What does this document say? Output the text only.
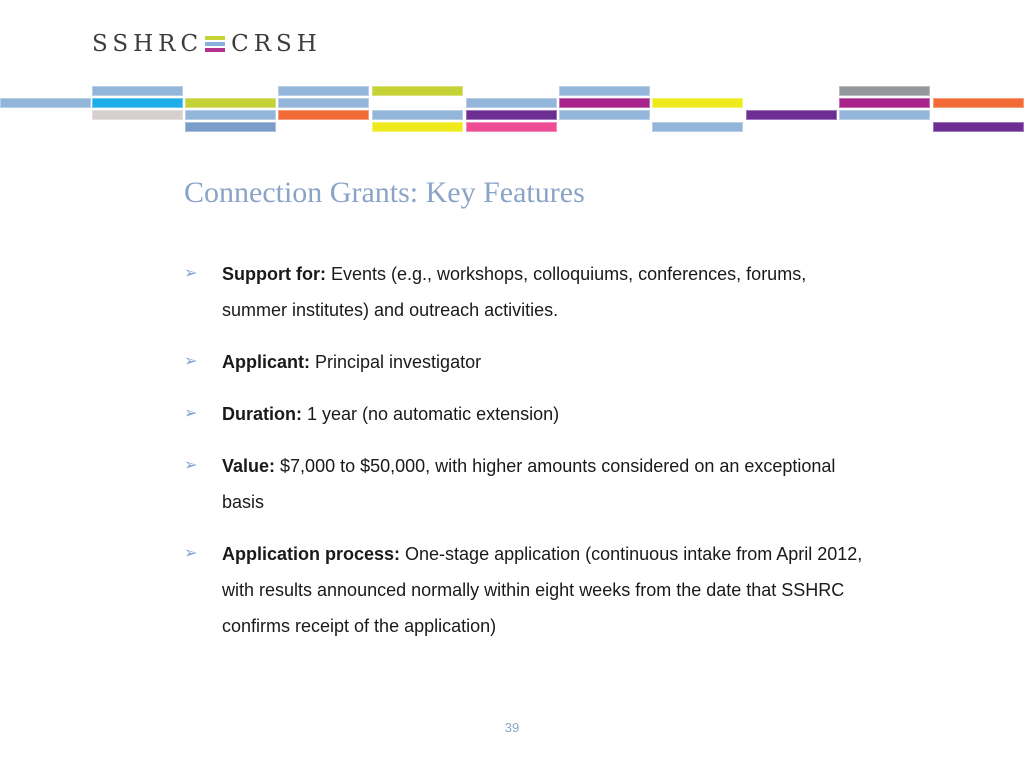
SSHRC CRSH
Connection Grants: Key Features
➢ Support for: Events (e.g., workshops, colloquiums, conferences, forums, summer institutes) and outreach activities.
➢ Applicant: Principal investigator
➢ Duration: 1 year (no automatic extension)
➢ Value: $7,000 to $50,000, with higher amounts considered on an exceptional basis
➢ Application process: One-stage application (continuous intake from April 2012, with results announced normally within eight weeks from the date that SSHRC confirms receipt of the application)
39
